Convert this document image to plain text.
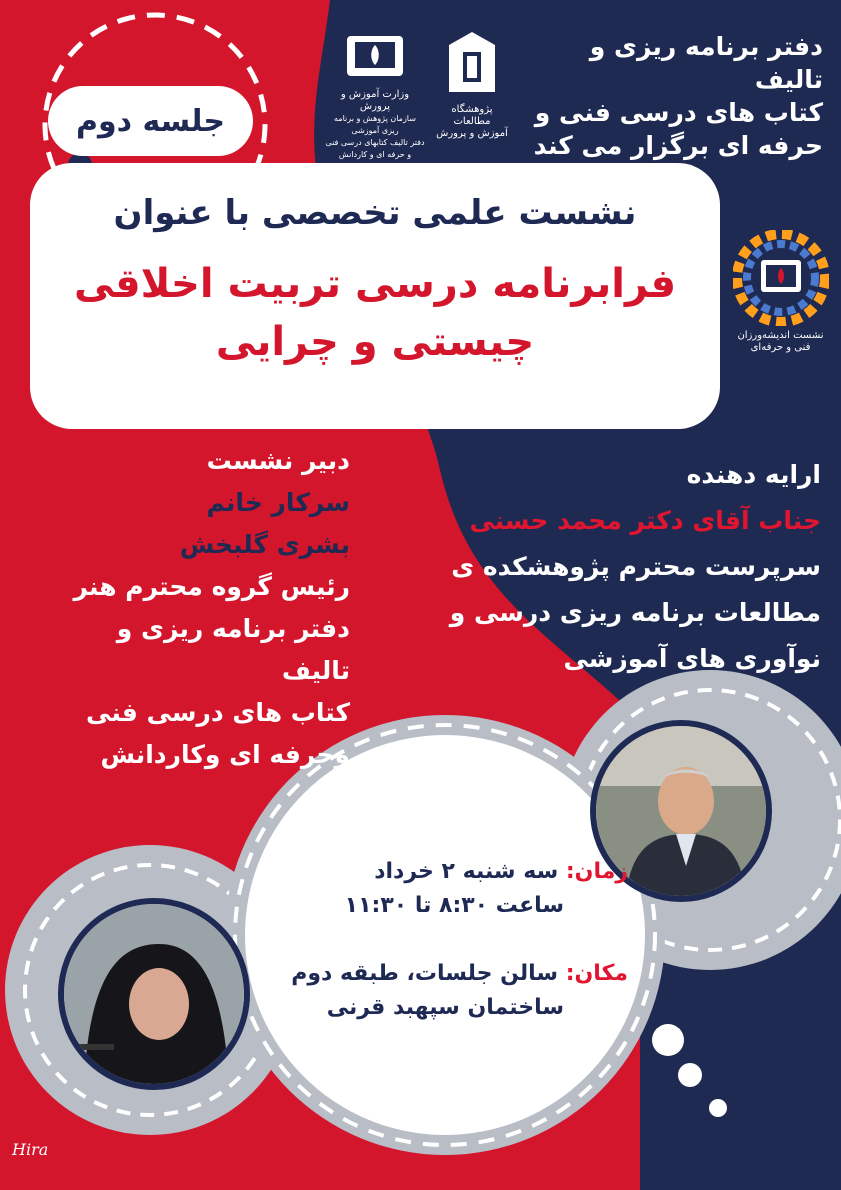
دفتر برنامه ریزی و تالیف
کتاب های درسی فنی و
حرفه ای برگزار می کند
وزارت آموزش و پرورش
سازمان پژوهش و برنامه ریزی آموزشی
دفتر تالیف کتابهای درسی فنی و حرفه ای و کاردانش
پژوهشگاه مطالعات
آموزش و پرورش
نشست اندیشه‌ورزان فنی و حرفه‌ای
جلسه دوم
نشست علمی تخصصی با عنوان
فرابرنامه درسی تربیت اخلاقی
چیستی و چرایی
دبیر نشست
سرکار خانم
بشری گلبخش
رئیس گروه محترم هنر
دفتر برنامه ریزی و تالیف
کتاب های درسی فنی
وحرفه ای وکاردانش
ارایه دهنده
جناب آقای دکتر محمد حسنی
سرپرست محترم پژوهشکده ی
مطالعات برنامه ریزی درسی و
نوآوری های آموزشی
زمان: سه شنبه ۲ خرداد
ساعت ۸:۳۰ تا ۱۱:۳۰
مکان: سالن جلسات، طبقه دوم
ساختمان سپهبد قرنی
Hira
